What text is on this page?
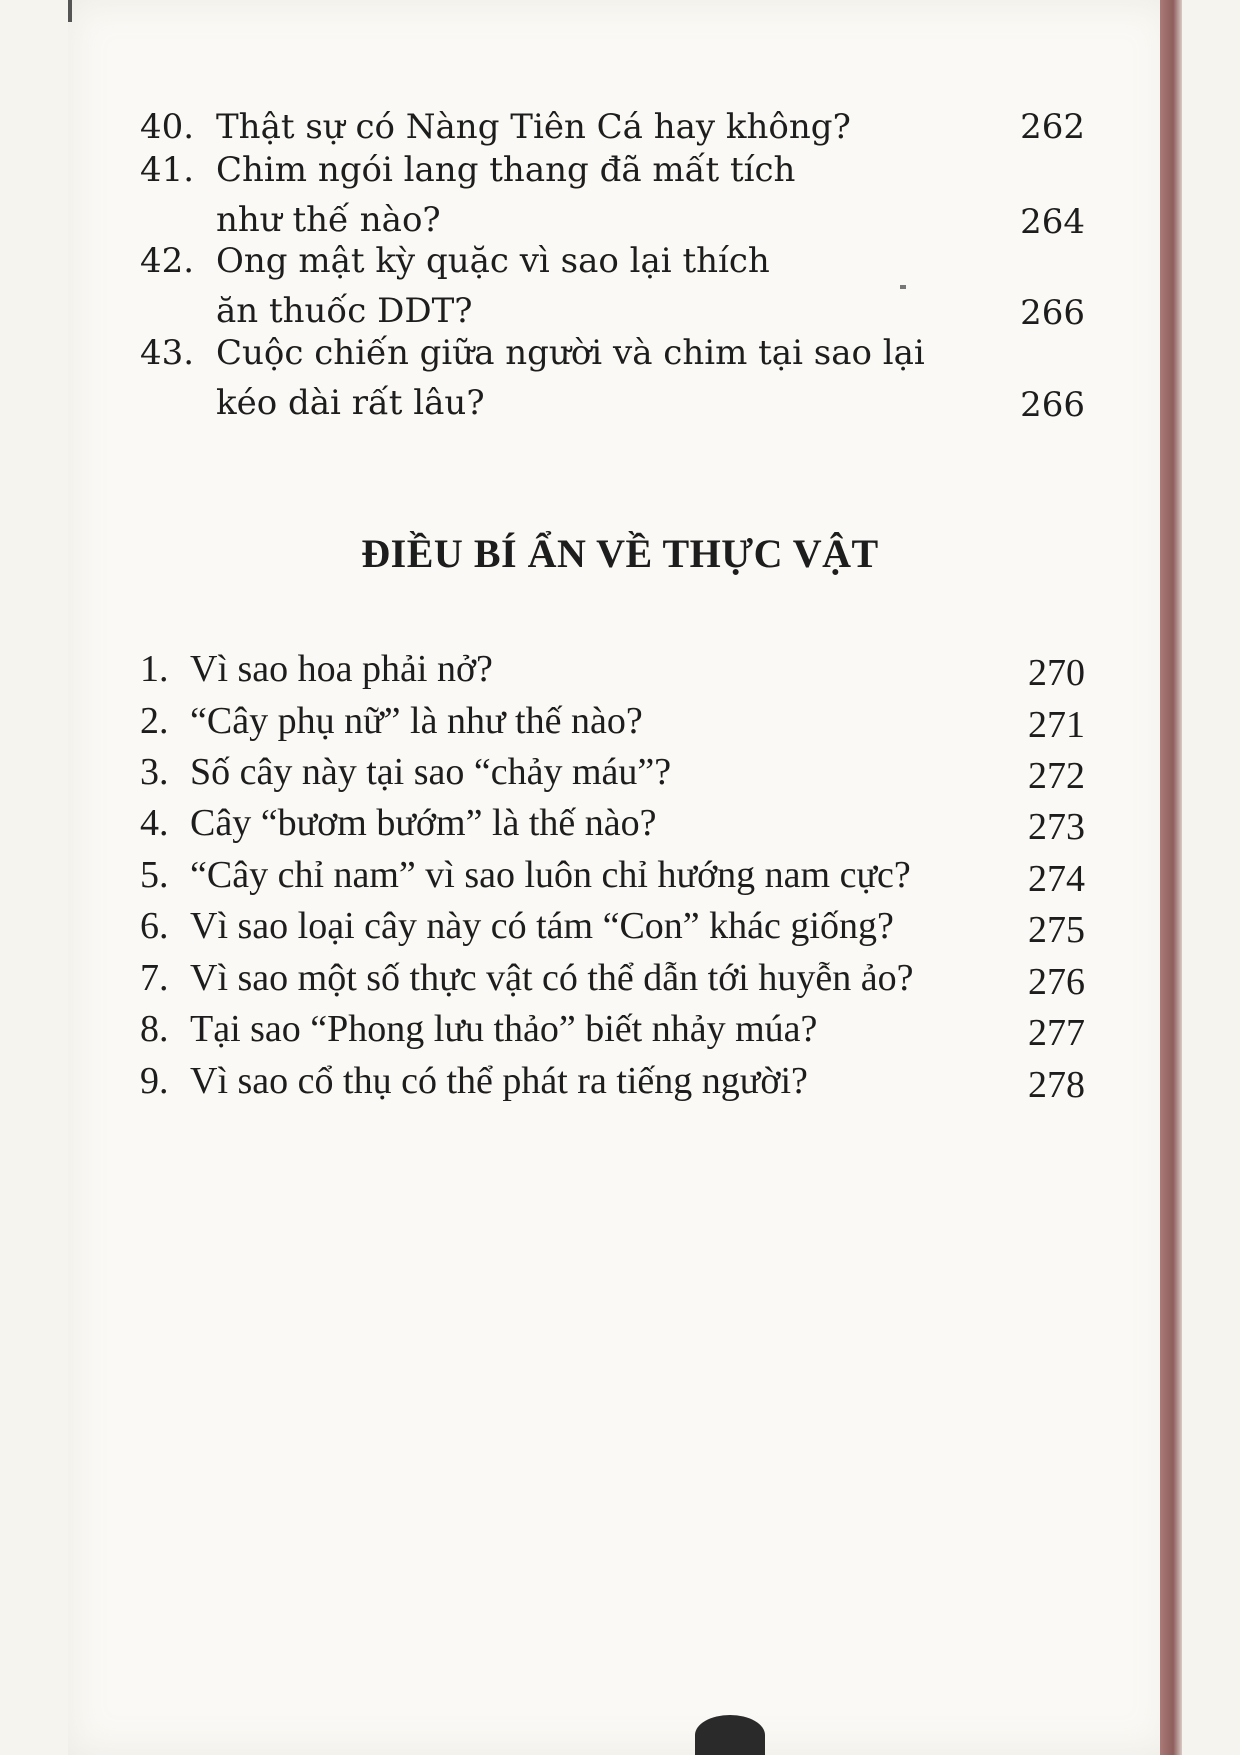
40. Thật sự có Nàng Tiên Cá hay không?	262
41. Chim ngói lang thang đã mất tích
như thế nào?	264
42. Ong mật kỳ quặc vì sao lại thích
ăn thuốc DDT?	266
43. Cuộc chiến giữa người và chim tại sao lại
kéo dài rất lâu?	266
ĐIỀU BÍ ẨN VỀ THỰC VẬT
1. Vì sao hoa phải nở?	270
2. “Cây phụ nữ” là như thế nào?	271
3. Số cây này tại sao “chảy máu”?	272
4. Cây “bươm bướm” là thế nào?	273
5. “Cây chỉ nam” vì sao luôn chỉ hướng nam cực?	274
6. Vì sao loại cây này có tám “Con” khác giống?	275
7. Vì sao một số thực vật có thể dẫn tới huyễn ảo?	276
8. Tại sao “Phong lưu thảo” biết nhảy múa?	277
9. Vì sao cổ thụ có thể phát ra tiếng người?	278
